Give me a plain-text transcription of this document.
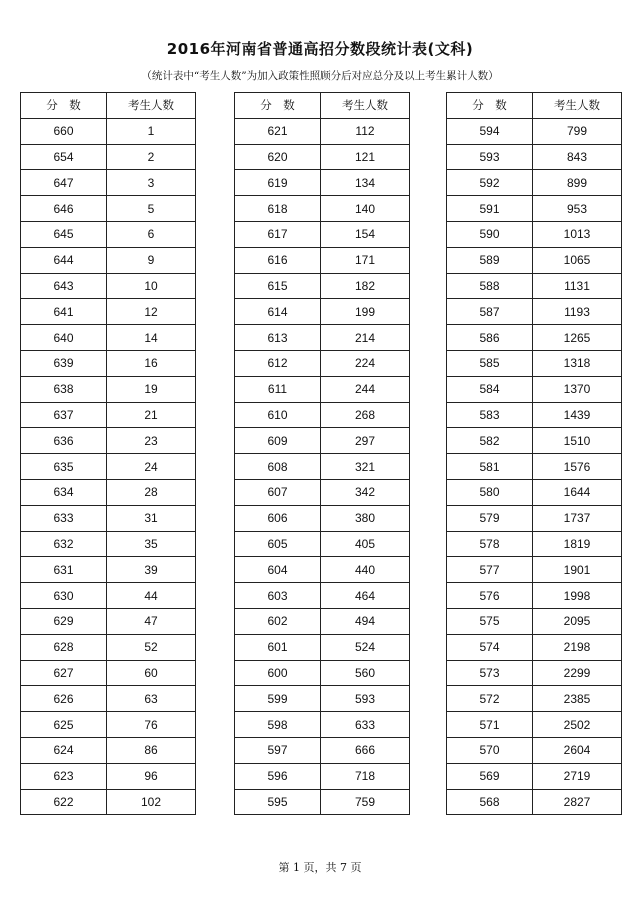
2016年河南省普通高招分数段统计表(文科)
（统计表中“考生人数”为加入政策性照顾分后对应总分及以上考生累计人数）
分　数	考生人数
660	1
654	2
647	3
646	5
645	6
644	9
643	10
641	12
640	14
639	16
638	19
637	21
636	23
635	24
634	28
633	31
632	35
631	39
630	44
629	47
628	52
627	60
626	63
625	76
624	86
623	96
622	102
分　数	考生人数
621	112
620	121
619	134
618	140
617	154
616	171
615	182
614	199
613	214
612	224
611	244
610	268
609	297
608	321
607	342
606	380
605	405
604	440
603	464
602	494
601	524
600	560
599	593
598	633
597	666
596	718
595	759
分　数	考生人数
594	799
593	843
592	899
591	953
590	1013
589	1065
588	1131
587	1193
586	1265
585	1318
584	1370
583	1439
582	1510
581	1576
580	1644
579	1737
578	1819
577	1901
576	1998
575	2095
574	2198
573	2299
572	2385
571	2502
570	2604
569	2719
568	2827
第 1 页，共 7 页
